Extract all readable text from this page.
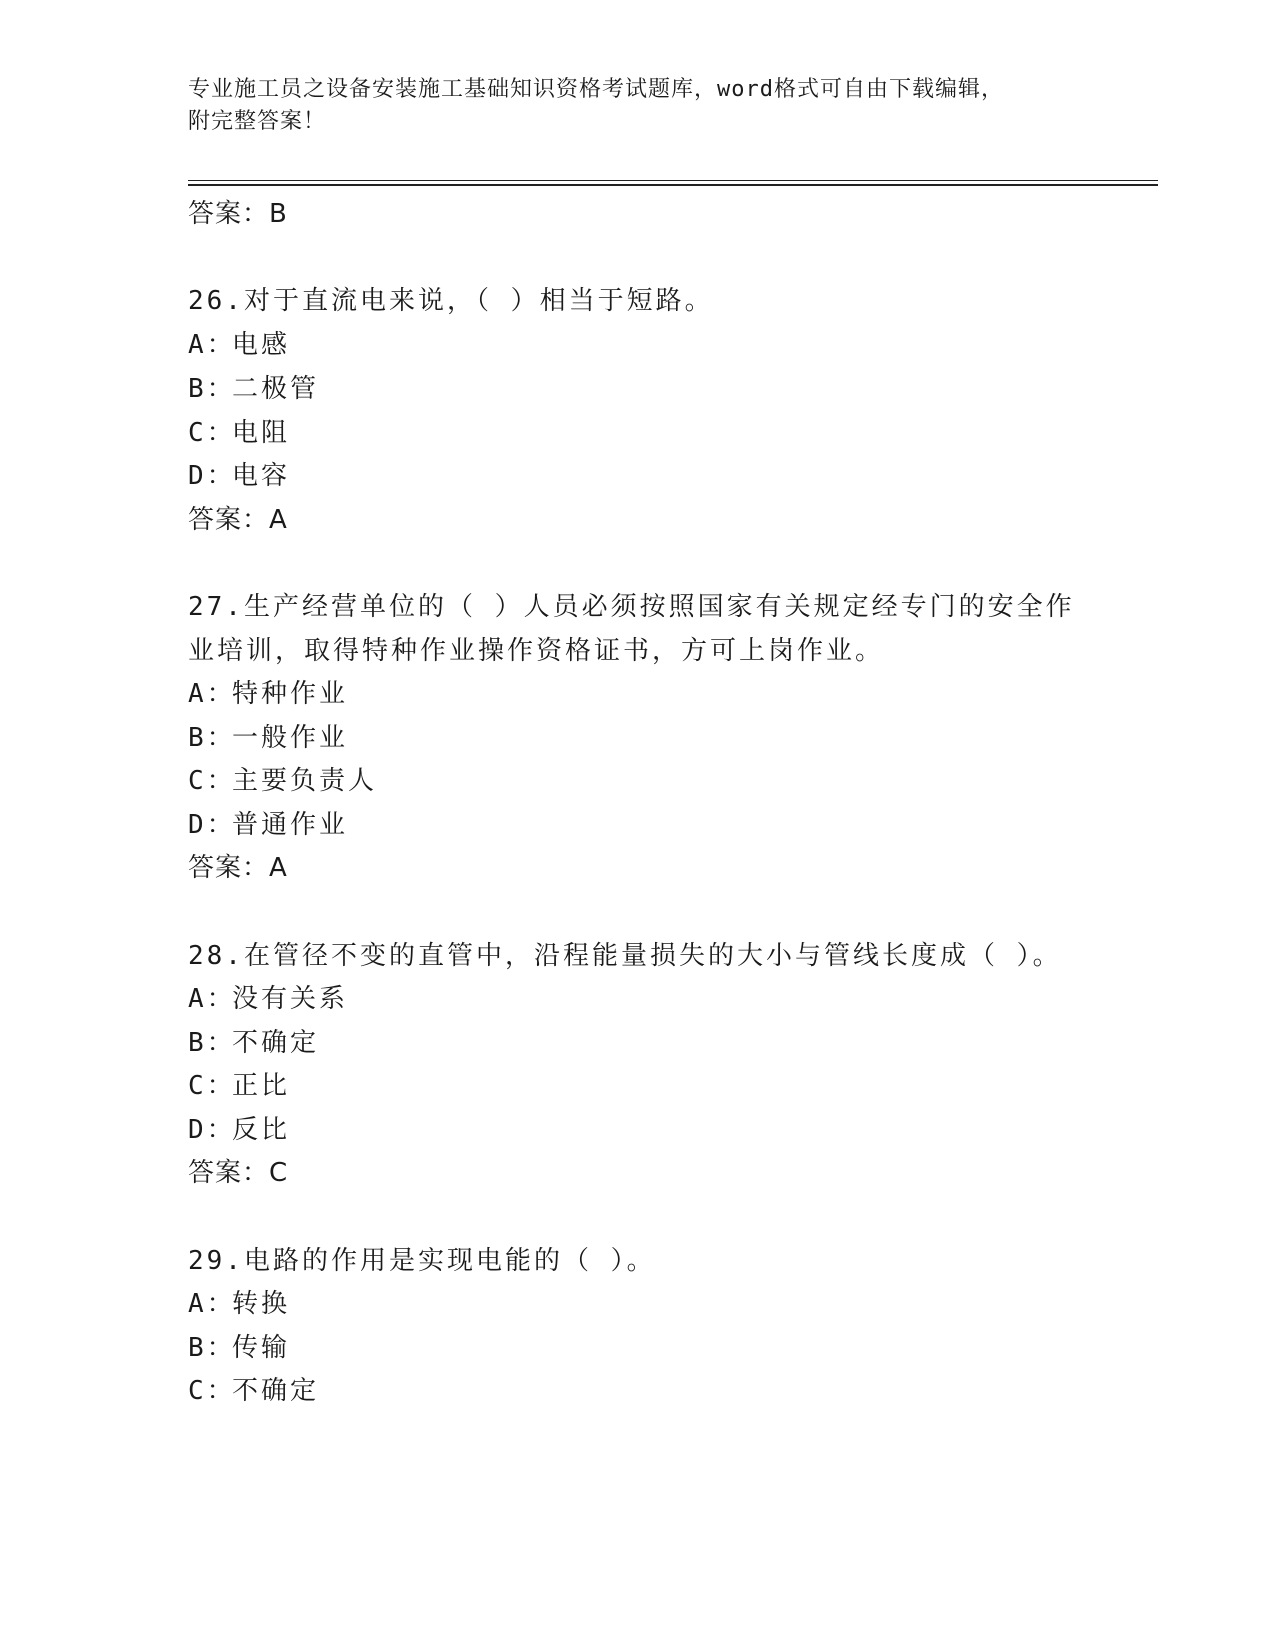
专业施工员之设备安装施工基础知识资格考试题库，word格式可自由下载编辑，
附完整答案！
答案：B
26.对于直流电来说，（ ）相当于短路。
A：电感
B：二极管
C：电阻
D：电容
答案：A
27.生产经营单位的（ ）人员必须按照国家有关规定经专门的安全作
业培训，取得特种作业操作资格证书，方可上岗作业。
A：特种作业
B：一般作业
C：主要负责人
D：普通作业
答案：A
28.在管径不变的直管中，沿程能量损失的大小与管线长度成（ ）。
A：没有关系
B：不确定
C：正比
D：反比
答案：C
29.电路的作用是实现电能的（ ）。
A：转换
B：传输
C：不确定
